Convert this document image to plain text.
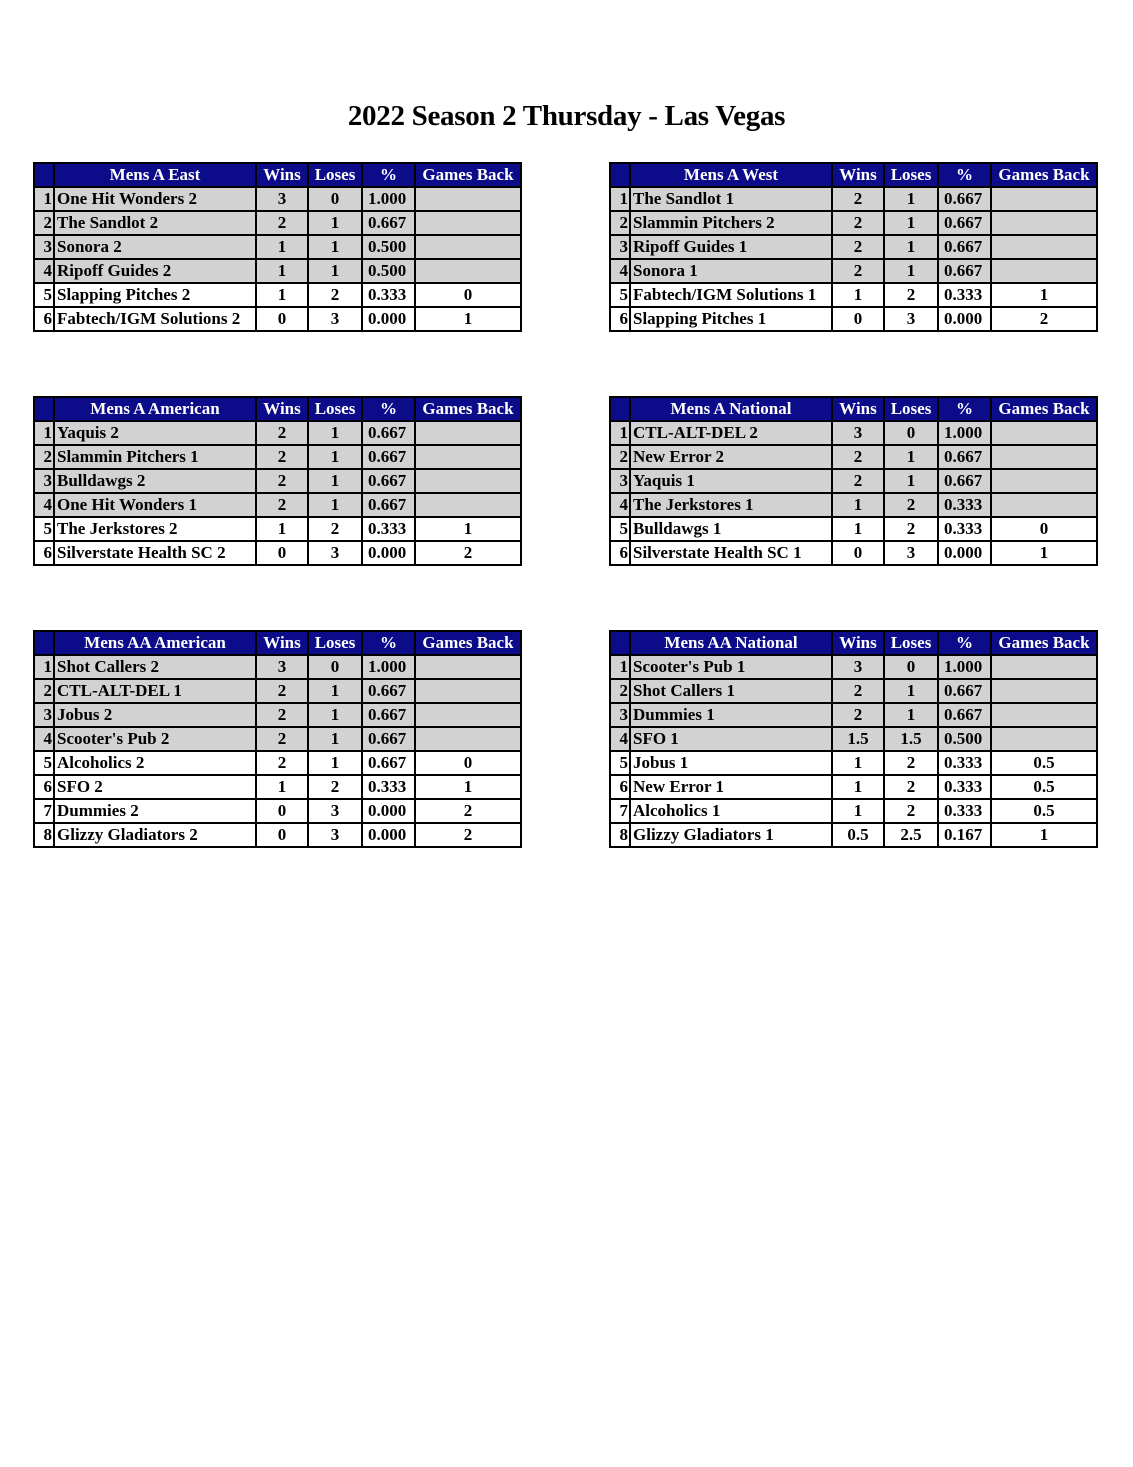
2022 Season 2 Thursday - Las Vegas
	Mens A East	Wins	Loses	%	Games Back
1	One Hit Wonders 2	3	0	1.000	
2	The Sandlot 2	2	1	0.667	
3	Sonora 2	1	1	0.500	
4	Ripoff Guides 2	1	1	0.500	
5	Slapping Pitches 2	1	2	0.333	0
6	Fabtech/IGM Solutions 2	0	3	0.000	1
	Mens A West	Wins	Loses	%	Games Back
1	The Sandlot 1	2	1	0.667	
2	Slammin Pitchers 2	2	1	0.667	
3	Ripoff Guides 1	2	1	0.667	
4	Sonora 1	2	1	0.667	
5	Fabtech/IGM Solutions 1	1	2	0.333	1
6	Slapping Pitches 1	0	3	0.000	2
	Mens A American	Wins	Loses	%	Games Back
1	Yaquis 2	2	1	0.667	
2	Slammin Pitchers 1	2	1	0.667	
3	Bulldawgs 2	2	1	0.667	
4	One Hit Wonders 1	2	1	0.667	
5	The Jerkstores 2	1	2	0.333	1
6	Silverstate Health SC 2	0	3	0.000	2
	Mens A National	Wins	Loses	%	Games Back
1	CTL-ALT-DEL 2	3	0	1.000	
2	New Error 2	2	1	0.667	
3	Yaquis 1	2	1	0.667	
4	The Jerkstores 1	1	2	0.333	
5	Bulldawgs 1	1	2	0.333	0
6	Silverstate Health SC 1	0	3	0.000	1
	Mens AA American	Wins	Loses	%	Games Back
1	Shot Callers 2	3	0	1.000	
2	CTL-ALT-DEL 1	2	1	0.667	
3	Jobus 2	2	1	0.667	
4	Scooter's Pub 2	2	1	0.667	
5	Alcoholics 2	2	1	0.667	0
6	SFO 2	1	2	0.333	1
7	Dummies 2	0	3	0.000	2
8	Glizzy Gladiators 2	0	3	0.000	2
	Mens AA National	Wins	Loses	%	Games Back
1	Scooter's Pub 1	3	0	1.000	
2	Shot Callers 1	2	1	0.667	
3	Dummies 1	2	1	0.667	
4	SFO 1	1.5	1.5	0.500	
5	Jobus 1	1	2	0.333	0.5
6	New Error 1	1	2	0.333	0.5
7	Alcoholics 1	1	2	0.333	0.5
8	Glizzy Gladiators 1	0.5	2.5	0.167	1
